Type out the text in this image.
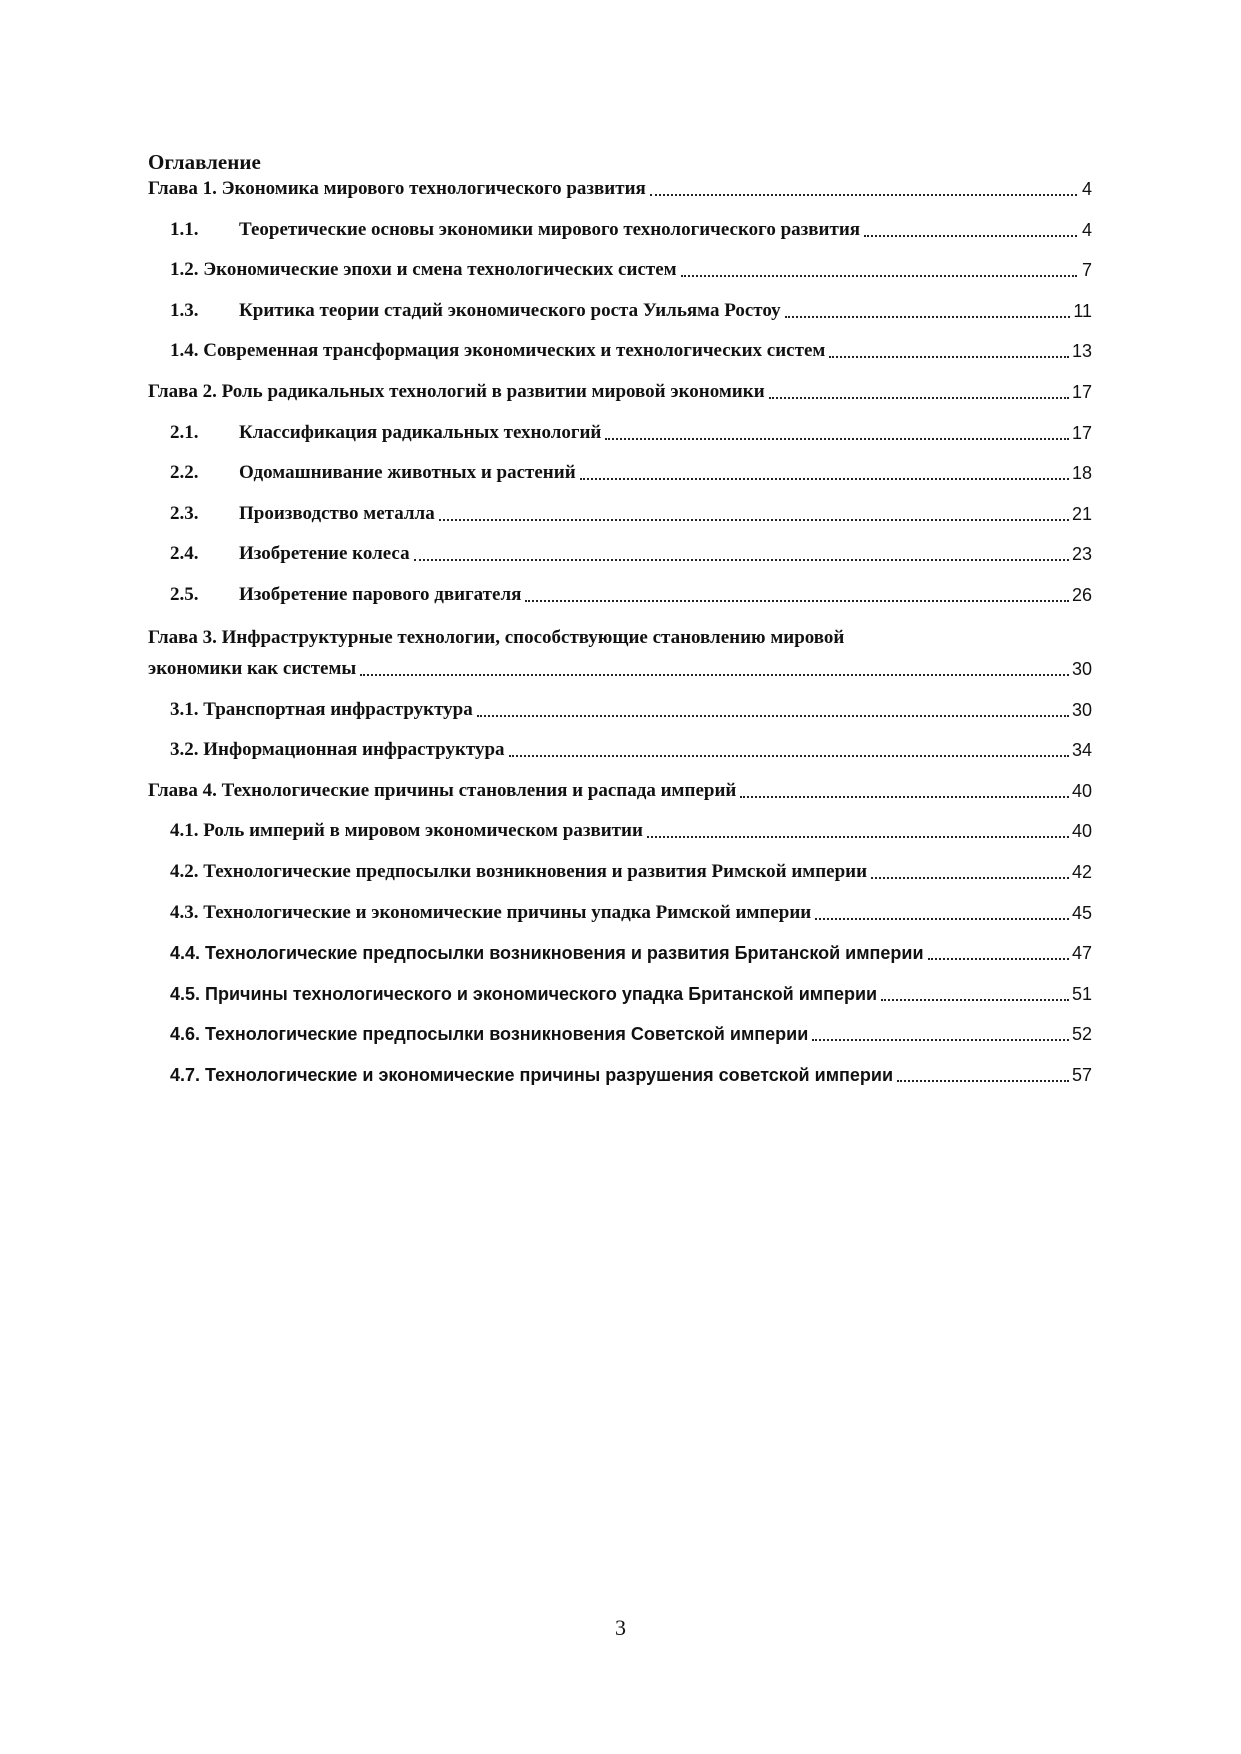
Оглавление
Глава 1. Экономика мирового технологического развития	4
1.1.	Теоретические основы экономики мирового технологического развития	4
1.2. Экономические эпохи и смена технологических систем	7
1.3.	Критика теории стадий экономического роста Уильяма Ростоу	11
1.4. Современная трансформация экономических и технологических систем	13
Глава 2. Роль радикальных технологий в развитии мировой экономики	17
2.1.	Классификация радикальных технологий	17
2.2.	Одомашнивание животных и растений	18
2.3.	Производство металла	21
2.4.	Изобретение колеса	23
2.5.	Изобретение парового двигателя	26
Глава 3. Инфраструктурные технологии, способствующие становлению мировой
экономики как системы	30
3.1. Транспортная инфраструктура	30
3.2. Информационная инфраструктура	34
Глава 4. Технологические причины становления и распада империй	40
4.1. Роль империй в мировом экономическом развитии	40
4.2. Технологические предпосылки возникновения и развития Римской империи	42
4.3. Технологические и экономические причины упадка Римской империи	45
4.4. Технологические предпосылки возникновения и развития Британской империи	47
4.5. Причины технологического и экономического упадка Британской империи	51
4.6. Технологические предпосылки возникновения Советской империи	52
4.7. Технологические и экономические причины разрушения советской империи	57
3
